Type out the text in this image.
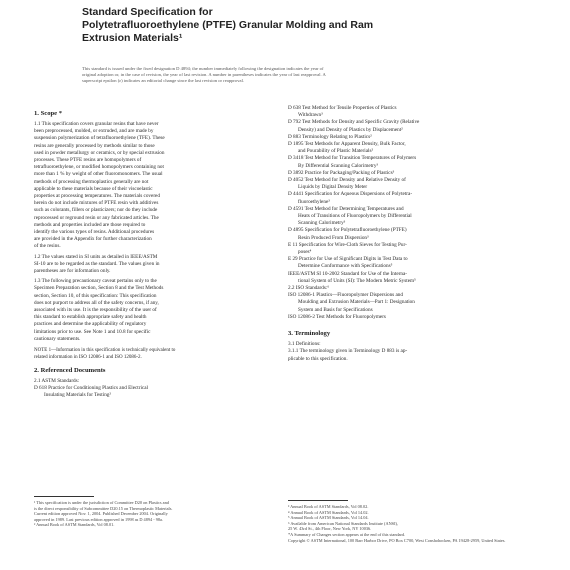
Standard Specification for
Polytetrafluoroethylene (PTFE) Granular Molding and Ram
Extrusion Materials¹
This standard is issued under the fixed designation D 4894; the number immediately following the designation indicates the year of
original adoption or, in the case of revision, the year of last revision. A number in parentheses indicates the year of last reapproval. A
superscript epsilon (ε) indicates an editorial change since the last revision or reapproval.
1. Scope *
1.1 This specification covers granular resins that have never
been preprocessed, molded, or extruded, and are made by
suspension polymerization of tetrafluoroethylene (TFE). These
resins are generally processed by methods similar to those
used in powder metallurgy or ceramics, or by special extrusion
processes. These PTFE resins are homopolymers of
tetrafluoroethylene, or modified homopolymers containing not
more than 1 % by weight of other fluoromonomers. The usual
methods of processing thermoplastics generally are not
applicable to these materials because of their viscoelastic
properties at processing temperatures. The materials covered
herein do not include mixtures of PTFE resin with additives
such as colorants, fillers or plasticizers; nor do they include
reprocessed or reground resin or any fabricated articles. The
methods and properties included are those required to
identify the various types of resins. Additional procedures
are provided in the Appendix for further characterization
of the resins.
1.2 The values stated in SI units as detailed in IEEE/ASTM
SI-10 are to be regarded as the standard. The values given in
parentheses are for information only.
1.3 The following precautionary caveat pertains only to the
Specimen Preparation section, Section 8 and the Test Methods
section, Section 10, of this specification: This specification
does not purport to address all of the safety concerns, if any,
associated with its use. It is the responsibility of the user of
this standard to establish appropriate safety and health
practices and determine the applicability of regulatory
limitations prior to use. See Note 1 and 10.8 for specific
cautionary statements.
NOTE 1—Information in this specification is technically equivalent to
related information in ISO 12086-1 and ISO 12086-2.
2. Referenced Documents
2.1 ASTM Standards:
D 618 Practice for Conditioning Plastics and Electrical
Insulating Materials for Testing²
¹ This specification is under the jurisdiction of Committee D20 on Plastics and
is the direct responsibility of Subcommittee D20.15 on Thermoplastic Materials.
Current edition approved Nov. 1, 2004. Published December 2004. Originally
approved in 1989. Last previous edition approved in 1998 as D 4894 - 98a.
² Annual Book of ASTM Standards, Vol 08.01.
D 638 Test Method for Tensile Properties of Plastics
Withdrawn³
D 792 Test Methods for Density and Specific Gravity (Relative
Density) and Density of Plastics by Displacement²
D 883 Terminology Relating to Plastics²
D 1895 Test Methods for Apparent Density, Bulk Factor,
and Pourability of Plastic Materials²
D 3418 Test Method for Transition Temperatures of Polymers
By Differential Scanning Calorimetry³
D 3892 Practice for Packaging/Packing of Plastics³
D 4052 Test Method for Density and Relative Density of
Liquids by Digital Density Meter
D 4441 Specification for Aqueous Dispersions of Polytetra-
fluoroethylene³
D 4591 Test Method for Determining Temperatures and
Heats of Transitions of Fluoropolymers by Differential
Scanning Calorimetry³
D 4895 Specification for Polytetrafluoroethylene (PTFE)
Resin Produced From Dispersion³
E 11 Specification for Wire-Cloth Sieves for Testing Pur-
poses⁴
E 29 Practice for Use of Significant Digits in Test Data to
Determine Conformance with Specifications⁵
IEEE/ASTM SI 10-2002 Standard for Use of the Interna-
tional System of Units (SI): The Modern Metric System⁵
2.2 ISO Standards:⁶
ISO 12086-1 Plastics—Fluoropolymer Dispersions and
Moulding and Extrusion Materials—Part 1: Designation
System and Basis for Specifications
ISO 12086-2 Test Methods for Fluoropolymers
3. Terminology
3.1 Definitions:
3.1.1 The terminology given in Terminology D 883 is ap-
plicable to this specification.
³ Annual Book of ASTM Standards, Vol 08.02.
⁴ Annual Book of ASTM Standards, Vol 14.02.
⁵ Annual Book of ASTM Standards, Vol 14.04.
⁶ Available from American National Standards Institute (ANSI),
25 W. 43rd St., 4th Floor, New York, NY 10036.
*A Summary of Changes section appears at the end of this standard.
Copyright © ASTM International, 100 Barr Harbor Drive, PO Box C700, West Conshohocken, PA 19428-2959, United States.
